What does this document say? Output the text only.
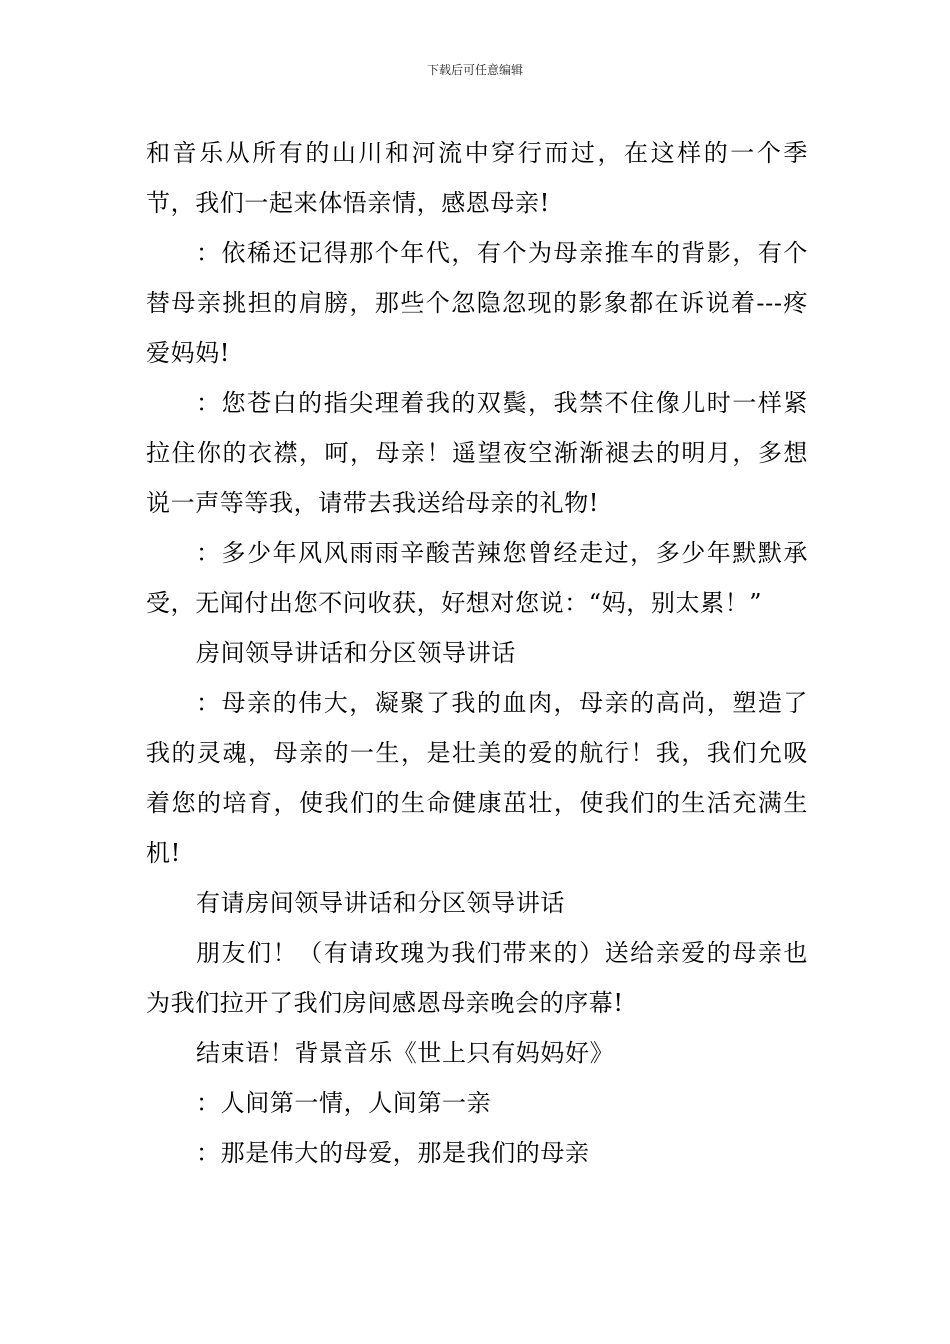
下载后可任意编辑

和音乐从所有的山川和河流中穿行而过，在这样的一个季节，我们一起来体悟亲情，感恩母亲!

：依稀还记得那个年代，有个为母亲推车的背影，有个替母亲挑担的肩膀，那些个忽隐忽现的影象都在诉说着---疼爱妈妈!

：您苍白的指尖理着我的双鬓，我禁不住像儿时一样紧拉住你的衣襟，呵，母亲！遥望夜空渐渐褪去的明月，多想说一声等等我，请带去我送给母亲的礼物!

：多少年风风雨雨辛酸苦辣您曾经走过，多少年默默承受，无闻付出您不问收获，好想对您说：“妈，别太累！”

房间领导讲话和分区领导讲话

：母亲的伟大，凝聚了我的血肉，母亲的高尚，塑造了我的灵魂，母亲的一生，是壮美的爱的航行！我，我们允吸着您的培育，使我们的生命健康茁壮，使我们的生活充满生机!

有请房间领导讲话和分区领导讲话

朋友们！（有请玫瑰为我们带来的）送给亲爱的母亲也为我们拉开了我们房间感恩母亲晚会的序幕!

结束语！背景音乐《世上只有妈妈好》

：人间第一情，人间第一亲

：那是伟大的母爱，那是我们的母亲
